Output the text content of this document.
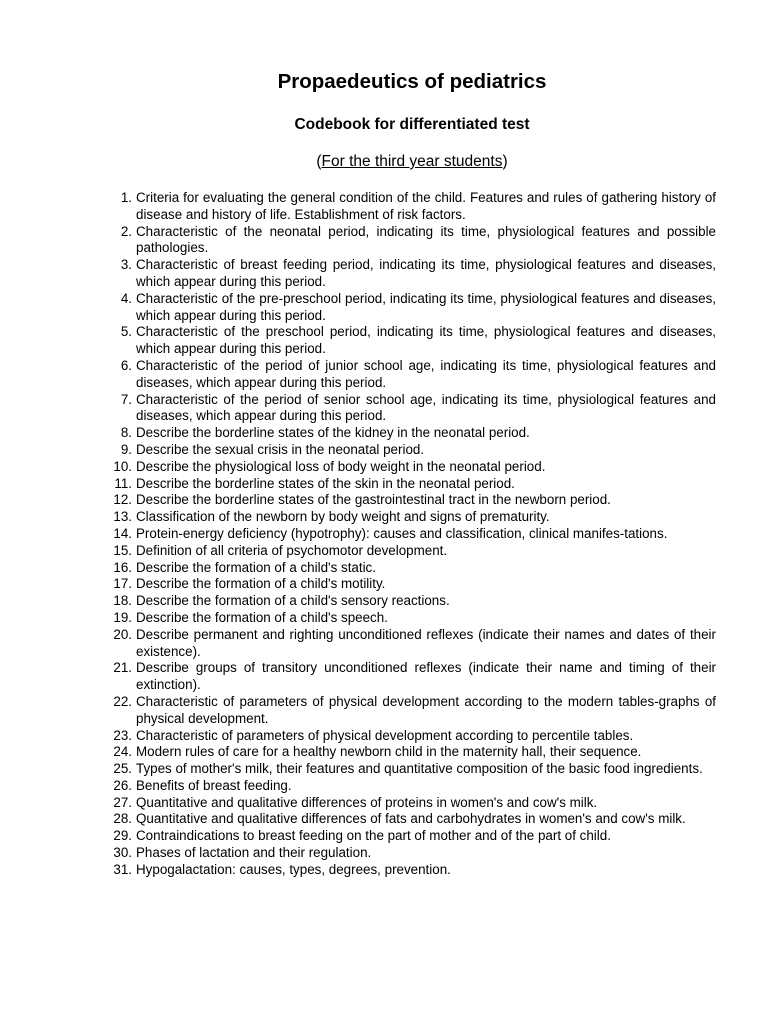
Propaedeutics of pediatrics
Codebook for differentiated test

(For the third year students)

1. Criteria for evaluating the general condition of the child. Features and rules of gathering history of disease and history of life. Establishment of risk factors.
2. Characteristic of the neonatal period, indicating its time, physiological features and possible pathologies.
3. Characteristic of breast feeding period, indicating its time, physiological features and diseases, which appear during this period.
4. Characteristic of the pre-preschool period, indicating its time, physiological features and diseases, which appear during this period.
5. Characteristic of the preschool period, indicating its time, physiological features and diseases, which appear during this period.
6. Characteristic of the period of junior school age, indicating its time, physiological features and diseases, which appear during this period.
7. Characteristic of the period of senior school age, indicating its time, physiological features and diseases, which appear during this period.
8. Describe the borderline states of the kidney in the neonatal period.
9. Describe the sexual crisis in the neonatal period.
10. Describe the physiological loss of body weight in the neonatal period.
11. Describe the borderline states of the skin in the neonatal period.
12. Describe the borderline states of the gastrointestinal tract in the newborn period.
13. Classification of the newborn by body weight and signs of prematurity.
14. Protein-energy deficiency (hypotrophy): causes and classification, clinical manifes-tations.
15. Definition of all criteria of psychomotor development.
16. Describe the formation of a child's static.
17. Describe the formation of a child's motility.
18. Describe the formation of a child's sensory reactions.
19. Describe the formation of a child's speech.
20. Describe permanent and righting unconditioned reflexes (indicate their names and dates of their existence).
21. Describe groups of transitory unconditioned reflexes (indicate their name and timing of their extinction).
22. Characteristic of parameters of physical development according to the modern tables-graphs of physical development.
23. Characteristic of parameters of physical development according to percentile tables.
24. Modern rules of care for a healthy newborn child in the maternity hall, their sequence.
25. Types of mother's milk, their features and quantitative composition of the basic food ingredients.
26. Benefits of breast feeding.
27. Quantitative and qualitative differences of proteins in women's and cow's milk.
28. Quantitative and qualitative differences of fats and carbohydrates in women's and cow's milk.
29. Contraindications to breast feeding on the part of mother and of the part of child.
30. Phases of lactation and their regulation.
31. Hypogalactation: causes, types, degrees, prevention.
